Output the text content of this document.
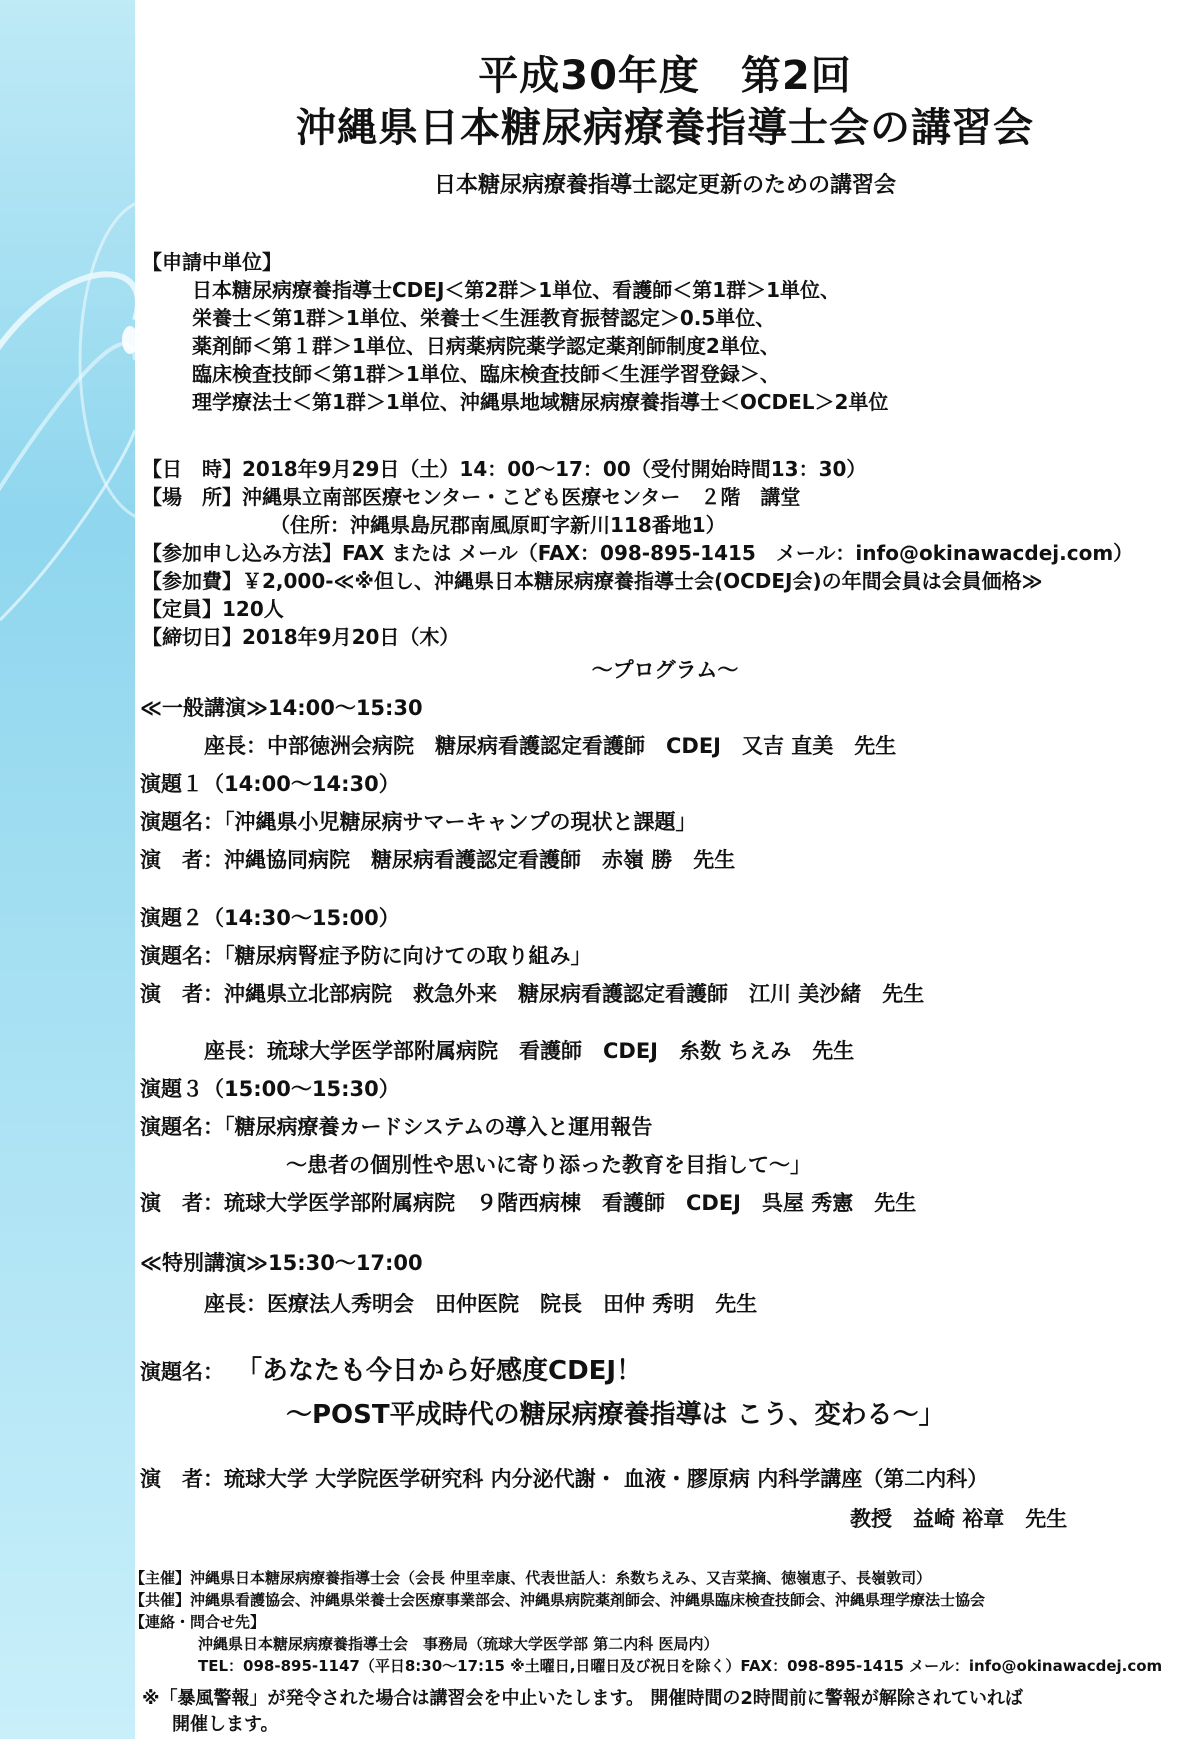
平成30年度　第2回
沖縄県日本糖尿病療養指導士会の講習会
日本糖尿病療養指導士認定更新のための講習会
【申請中単位】
日本糖尿病療養指導士CDEJ＜第2群＞1単位、看護師＜第1群＞1単位、
栄養士＜第1群＞1単位、栄養士＜生涯教育振替認定＞0.5単位、
薬剤師＜第１群＞1単位、日病薬病院薬学認定薬剤師制度2単位、
臨床検査技師＜第1群＞1単位、臨床検査技師＜生涯学習登録＞、
理学療法士＜第1群＞1単位、沖縄県地域糖尿病療養指導士＜OCDEL＞2単位
【日　時】2018年9月29日（土）14：00～17：00（受付開始時間13：30）
【場　所】沖縄県立南部医療センター・こども医療センター　２階　講堂
（住所：沖縄県島尻郡南風原町字新川118番地1）
【参加申し込み方法】FAX または メール（FAX：098-895-1415　メール：info@okinawacdej.com）
【参加費】￥2,000-≪※但し、沖縄県日本糖尿病療養指導士会(OCDEJ会)の年間会員は会員価格≫
【定員】120人
【締切日】2018年9月20日（木）
～プログラム～
≪一般講演≫14:00～15:30
座長：中部徳洲会病院　糖尿病看護認定看護師　CDEJ　又吉 直美　先生
演題１（14:00～14:30）
演題名：「沖縄県小児糖尿病サマーキャンプの現状と課題」
演　者：沖縄協同病院　糖尿病看護認定看護師　赤嶺 勝　先生
演題２（14:30～15:00）
演題名：「糖尿病腎症予防に向けての取り組み」
演　者：沖縄県立北部病院　救急外来　糖尿病看護認定看護師　江川 美沙緒　先生
座長：琉球大学医学部附属病院　看護師　CDEJ　糸数 ちえみ　先生
演題３（15:00～15:30）
演題名：「糖尿病療養カードシステムの導入と運用報告
～患者の個別性や思いに寄り添った教育を目指して～」
演　者：琉球大学医学部附属病院　９階西病棟　看護師　CDEJ　呉屋 秀憲　先生
≪特別講演≫15:30～17:00
座長：医療法人秀明会　田仲医院　院長　田仲 秀明　先生
演題名： 「あなたも今日から好感度CDEJ！
～POST平成時代の糖尿病療養指導は こう、変わる～」
演　者：琉球大学 大学院医学研究科 内分泌代謝・ 血液・膠原病 内科学講座（第二内科）
教授　益崎 裕章　先生
【主催】沖縄県日本糖尿病療養指導士会（会長 仲里幸康、代表世話人：糸数ちえみ、又吉菜摘、徳嶺恵子、長嶺敦司）
【共催】沖縄県看護協会、沖縄県栄養士会医療事業部会、沖縄県病院薬剤師会、沖縄県臨床検査技師会、沖縄県理学療法士協会
【連絡・問合せ先】
沖縄県日本糖尿病療養指導士会　事務局（琉球大学医学部 第二内科 医局内）
TEL：098-895-1147（平日8:30～17:15 ※土曜日,日曜日及び祝日を除く）FAX：098-895-1415 メール：info@okinawacdej.com
※「暴風警報」が発令された場合は講習会を中止いたします。 開催時間の2時間前に警報が解除されていれば
開催します。
